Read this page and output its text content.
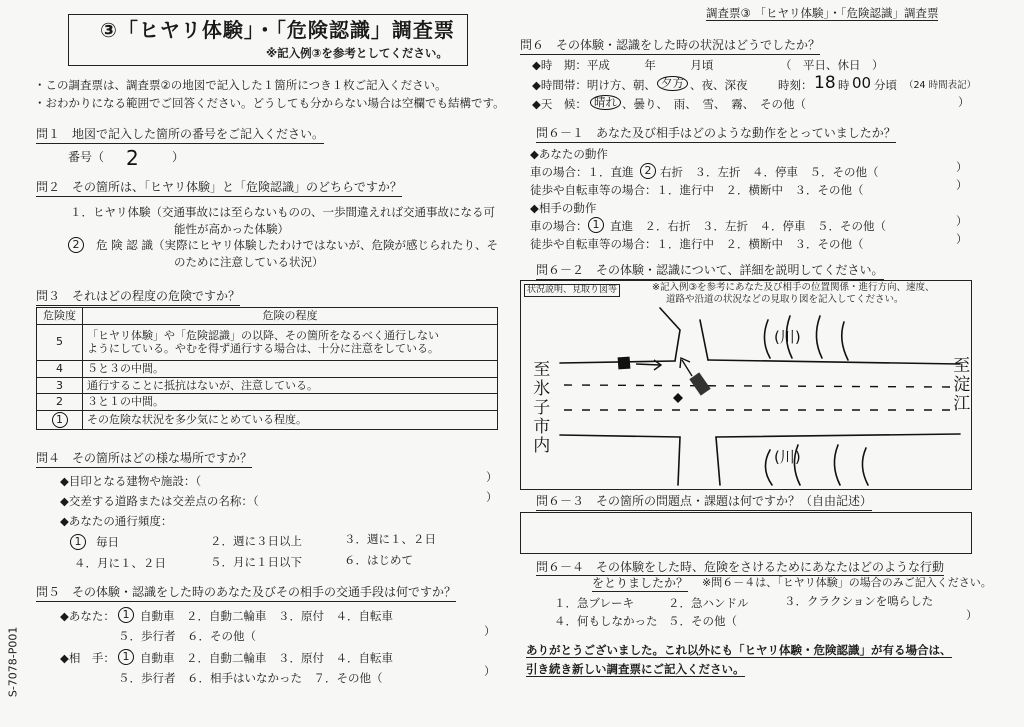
③「ヒヤリ体験」・「危険認識」調査票
※記入例③を参考としてください。
・この調査票は、調査票②の地図で記入した１箇所につき１枚ご記入ください。
・おわかりになる範囲でご回答ください。どうしても分からない場合は空欄でも結構です。
問１　地図で記入した箇所の番号をご記入ください。
番号（ 2	）
問２　その箇所は、「ヒヤリ体験」と「危険認識」のどちらですか？
１．ヒヤリ体験（交通事故には至らないものの、一歩間違えれば交通事故になる可
能性が高かった体験）
2	危 険 認 識（実際にヒヤリ体験したわけではないが、危険が感じられたり、そ
のために注意している状況）
問３　それはどの程度の危険ですか？
危険度	危険の程度
5	「ヒヤリ体験」や「危険認識」の以降、その箇所をなるべく通行しない
ようにしている。やむを得ず通行する場合は、十分に注意をしている。
4	５と３の中間。
3	通行することに抵抗はないが、注意している。
2	３と１の中間。
1	その危険な状況を多少気にとめている程度。
問４　その箇所はどの様な場所ですか？
◆目印となる建物や施設：（	）
◆交差する道路または交差点の名称：（	）
◆あなたの通行頻度：
1	毎日	２．週に３日以上	３．週に１、２日
４．月に１、２日	５．月に１日以下	６．はじめて
問５　その体験・認識をした時のあなた及びその相手の交通手段は何ですか？
◆あなた： 1 自動車　２．自動二輪車　３．原付　４．自転車
５．歩行者　６．その他（	）
◆相　手： 1 自動車　２．自動二輪車　３．原付　４．自転車
５．歩行者　６．相手はいなかった　７．その他（	）
S-7078-P001
調査票③ 「ヒヤリ体験」・「危険認識」調査票
問６　その体験・認識をした時の状況はどうでしたか？
◆時　期：平成　　　年　　　月頃	（　平日、休日　）
◆時間帯：明け方、朝、 夕方 、夜、深夜	時刻： 18 時 00 分頃 （24 時間表記）
◆天　候： 晴れ 、曇り、　雨、　雪、　霧、　その他（	）
問６－１　あなた及び相手はどのような動作をとっていましたか？
◆あなたの動作
車の場合：１．直進	2 右折　３．左折　４．停車　５．その他（	）
徒歩や自転車等の場合：１．進行中　２．横断中　３．その他（	）
◆相手の動作
車の場合： 1 直進　２．右折　３．左折　４．停車　５．その他（	）
徒歩や自転車等の場合：１．進行中　２．横断中　３．その他（	）
問６－２　その体験・認識について、詳細を説明してください。
状況説明、見取り図等	※記入例③を参考にあなた及び相手の位置関係・進行方向、速度、
道路や沿道の状況などの見取り図を記入してください。
(川)
(川)
至氷子市内	至淀江
問６－３　その箇所の問題点・課題は何ですか？（自由記述）
問６－４　その体験をした時、危険をさけるためにあなたはどのような行動
をとりましたか？ ※問６－４は、「ヒヤリ体験」の場合のみご記入ください。
１．急ブレーキ	２．急ハンドル	３．クラクションを鳴らした
４．何もしなかった ５．その他（	）
ありがとうございました。これ以外にも「ヒヤリ体験・危険認識」が有る場合は、
引き続き新しい調査票にご記入ください。
